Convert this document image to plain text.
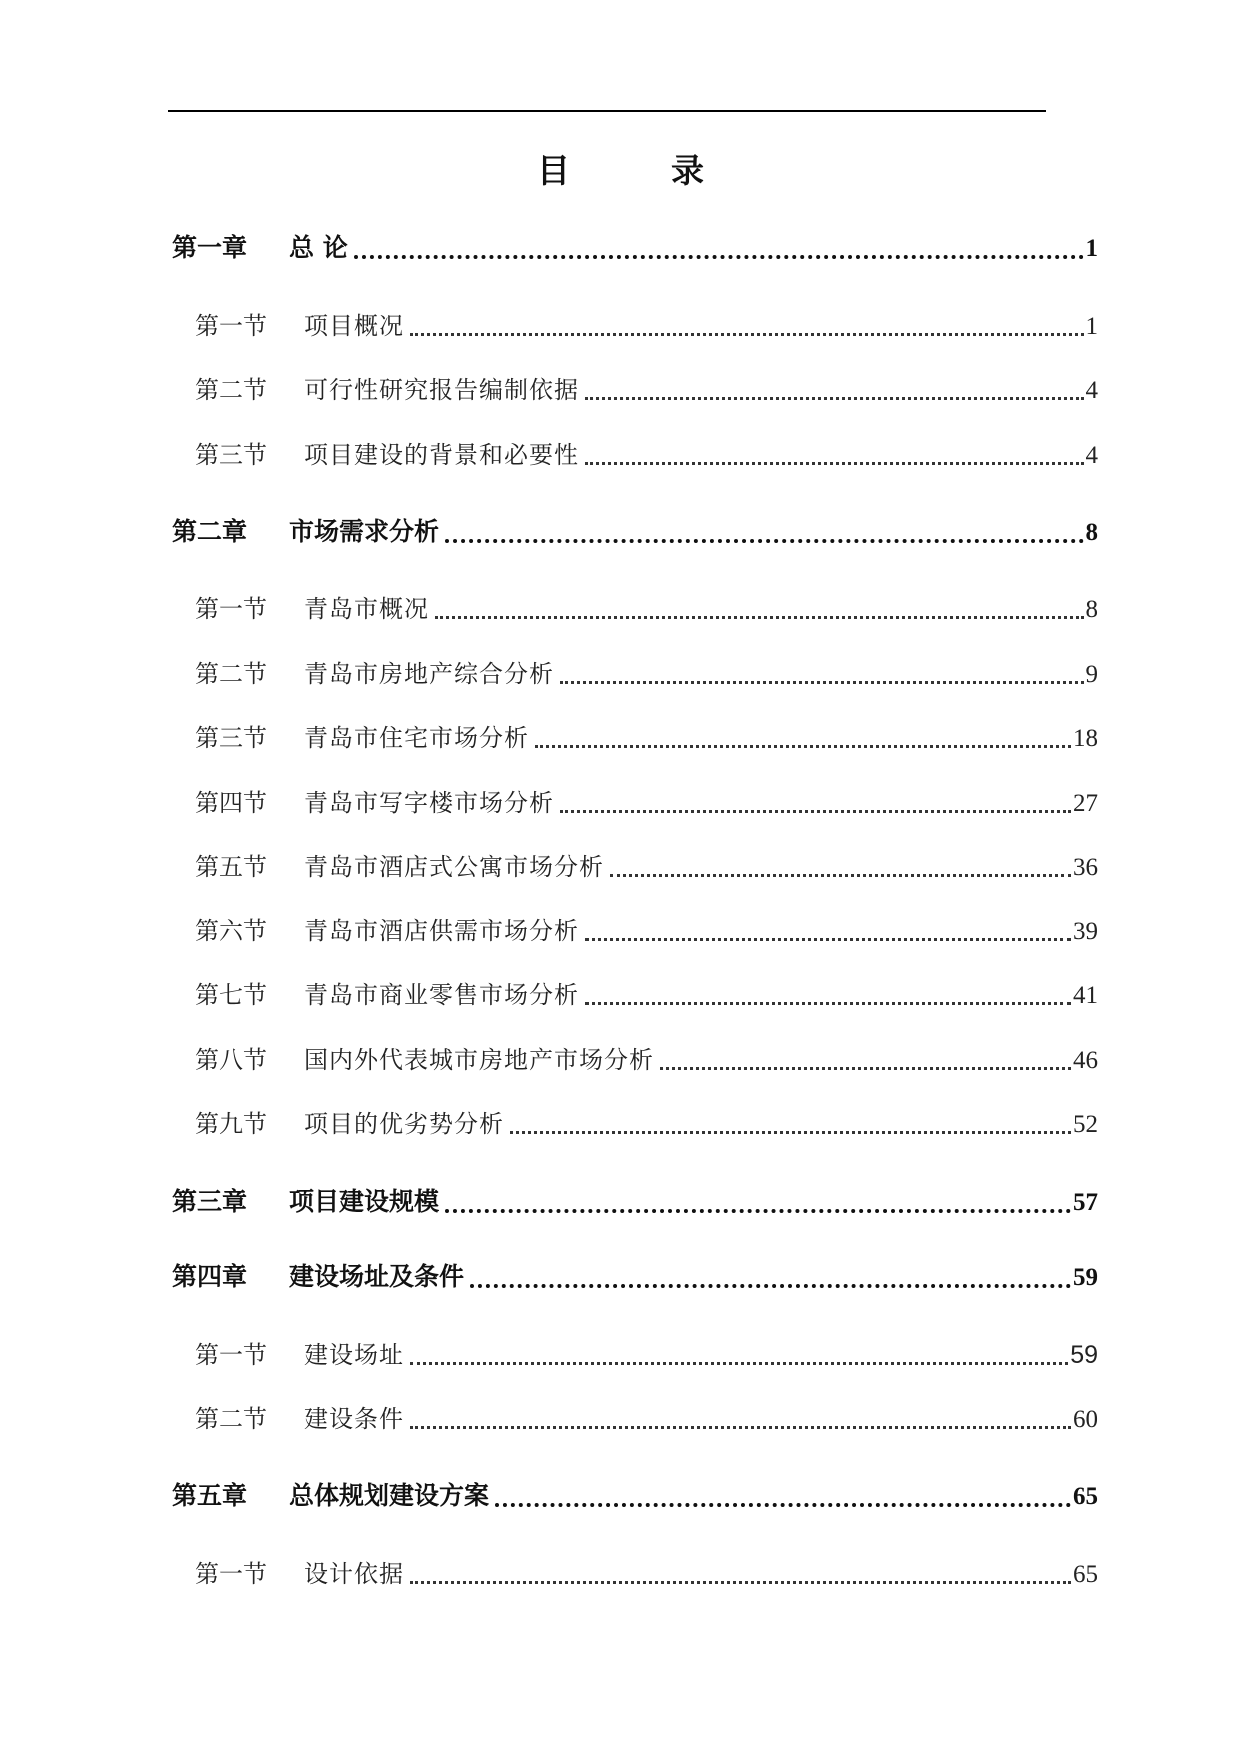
目　录
第一章	总 论	1
第一节	项目概况	1
第二节	可行性研究报告编制依据	4
第三节	项目建设的背景和必要性	4
第二章	市场需求分析	8
第一节	青岛市概况	8
第二节	青岛市房地产综合分析	9
第三节	青岛市住宅市场分析	18
第四节	青岛市写字楼市场分析	27
第五节	青岛市酒店式公寓市场分析	36
第六节	青岛市酒店供需市场分析	39
第七节	青岛市商业零售市场分析	41
第八节	国内外代表城市房地产市场分析	46
第九节	项目的优劣势分析	52
第三章	项目建设规模	57
第四章	建设场址及条件	59
第一节	建设场址	59
第二节	建设条件	60
第五章	总体规划建设方案	65
第一节	设计依据	65
